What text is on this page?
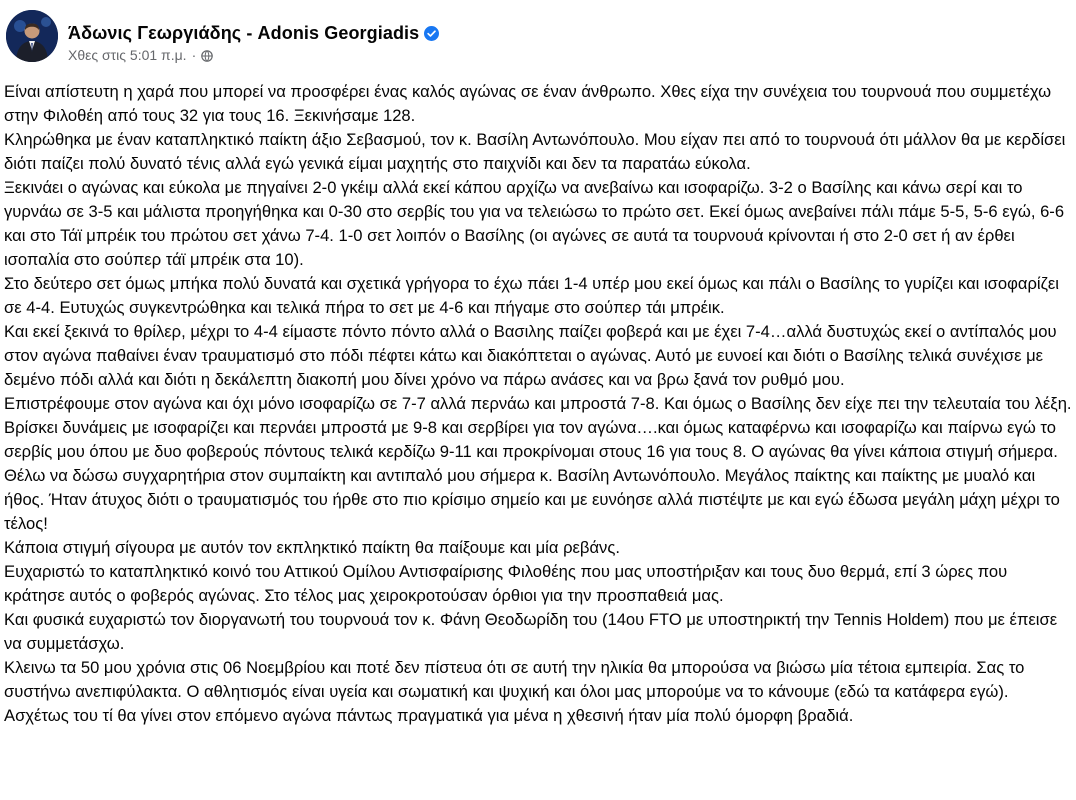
Άδωνις Γεωργιάδης - Adonis Georgiadis
Χθες στις 5:01 π.μ. ·

Είναι απίστευτη η χαρά που μπορεί να προσφέρει ένας καλός αγώνας σε έναν άνθρωπο. Χθες είχα την συνέχεια του τουρνουά που συμμετέχω στην Φιλοθέη από τους 32 για τους 16. Ξεκινήσαμε 128.

Κληρώθηκα με έναν καταπληκτικό παίκτη άξιο Σεβασμού, τον κ. Βασίλη Αντωνόπουλο. Μου είχαν πει από το τουρνουά ότι μάλλον θα με κερδίσει διότι παίζει πολύ δυνατό τένις αλλά εγώ γενικά είμαι μαχητής στο παιχνίδι και δεν τα παρατάω εύκολα.

Ξεκινάει ο αγώνας και εύκολα με πηγαίνει 2-0 γκέιμ αλλά εκεί κάπου αρχίζω να ανεβαίνω και ισοφαρίζω. 3-2 ο Βασίλης και κάνω σερί και το γυρνάω σε 3-5 και μάλιστα προηγήθηκα και 0-30 στο σερβίς του για να τελειώσω το πρώτο σετ. Εκεί όμως ανεβαίνει πάλι πάμε 5-5, 5-6 εγώ, 6-6 και στο Τάϊ μπρέικ του πρώτου σετ χάνω 7-4. 1-0 σετ λοιπόν ο Βασίλης (οι αγώνες σε αυτά τα τουρνουά κρίνονται ή στο 2-0 σετ ή αν έρθει ισοπαλία στο σούπερ τάϊ μπρέικ στα 10).

Στο δεύτερο σετ όμως μπήκα πολύ δυνατά και σχετικά γρήγορα το έχω πάει 1-4 υπέρ μου εκεί όμως και πάλι ο Βασίλης το γυρίζει και ισοφαρίζει σε 4-4. Ευτυχώς συγκεντρώθηκα και τελικά πήρα το σετ με 4-6 και πήγαμε στο σούπερ τάι μπρέικ.

Και εκεί ξεκινά το θρίλερ, μέχρι το 4-4 είμαστε πόντο πόντο αλλά ο Βασιλης παίζει φοβερά και με έχει 7-4…αλλά δυστυχώς εκεί ο αντίπαλός μου στον αγώνα παθαίνει έναν τραυματισμό στο πόδι πέφτει κάτω και διακόπτεται ο αγώνας. Αυτό με ευνοεί και διότι ο Βασίλης τελικά συνέχισε με δεμένο πόδι αλλά και διότι η δεκάλεπτη διακοπή μου δίνει χρόνο να πάρω ανάσες και να βρω ξανά τον ρυθμό μου.

Επιστρέφουμε στον αγώνα και όχι μόνο ισοφαρίζω σε 7-7 αλλά περνάω και μπροστά 7-8. Και όμως ο Βασίλης δεν είχε πει την τελευταία του λέξη. Βρίσκει δυνάμεις με ισοφαρίζει και περνάει μπροστά με 9-8 και σερβίρει για τον αγώνα….και όμως καταφέρνω και ισοφαρίζω και παίρνω εγώ το σερβίς μου όπου με δυο φοβερούς πόντους τελικά κερδίζω 9-11 και προκρίνομαι στους 16 για τους 8. Ο αγώνας θα γίνει κάποια στιγμή σήμερα.

Θέλω να δώσω συγχαρητήρια στον συμπαίκτη και αντιπαλό μου σήμερα κ. Βασίλη Αντωνόπουλο. Μεγάλος παίκτης και παίκτης με μυαλό και ήθος. Ήταν άτυχος διότι ο τραυματισμός του ήρθε στο πιο κρίσιμο σημείο και με ευνόησε αλλά πιστέψτε με και εγώ έδωσα μεγάλη μάχη μέχρι το τέλος!

Κάποια στιγμή σίγουρα με αυτόν τον εκπληκτικό παίκτη θα παίξουμε και μία ρεβάνς.

Ευχαριστώ το καταπληκτικό κοινό του Αττικού Ομίλου Αντισφαίρισης Φιλοθέης που μας υποστήριξαν και τους δυο θερμά, επί 3 ώρες που κράτησε αυτός ο φοβερός αγώνας. Στο τέλος μας χειροκροτούσαν όρθιοι για την προσπαθειά μας.

Και φυσικά ευχαριστώ τον διοργανωτή του τουρνουά τον κ. Φάνη Θεοδωρίδη του (14ου FTO με υποστηρικτή την Tennis Holdem) που με έπεισε να συμμετάσχω.

Κλεινω τα 50 μου χρόνια στις 06 Νοεμβρίου και ποτέ δεν πίστευα ότι σε αυτή την ηλικία θα μπορούσα να βιώσω μία τέτοια εμπειρία. Σας το συστήνω ανεπιφύλακτα. Ο αθλητισμός είναι υγεία και σωματική και ψυχική και όλοι μας μπορούμε να το κάνουμε (εδώ τα κατάφερα εγώ).

Ασχέτως του τί θα γίνει στον επόμενο αγώνα πάντως πραγματικά για μένα η χθεσινή ήταν μία πολύ όμορφη βραδιά.
